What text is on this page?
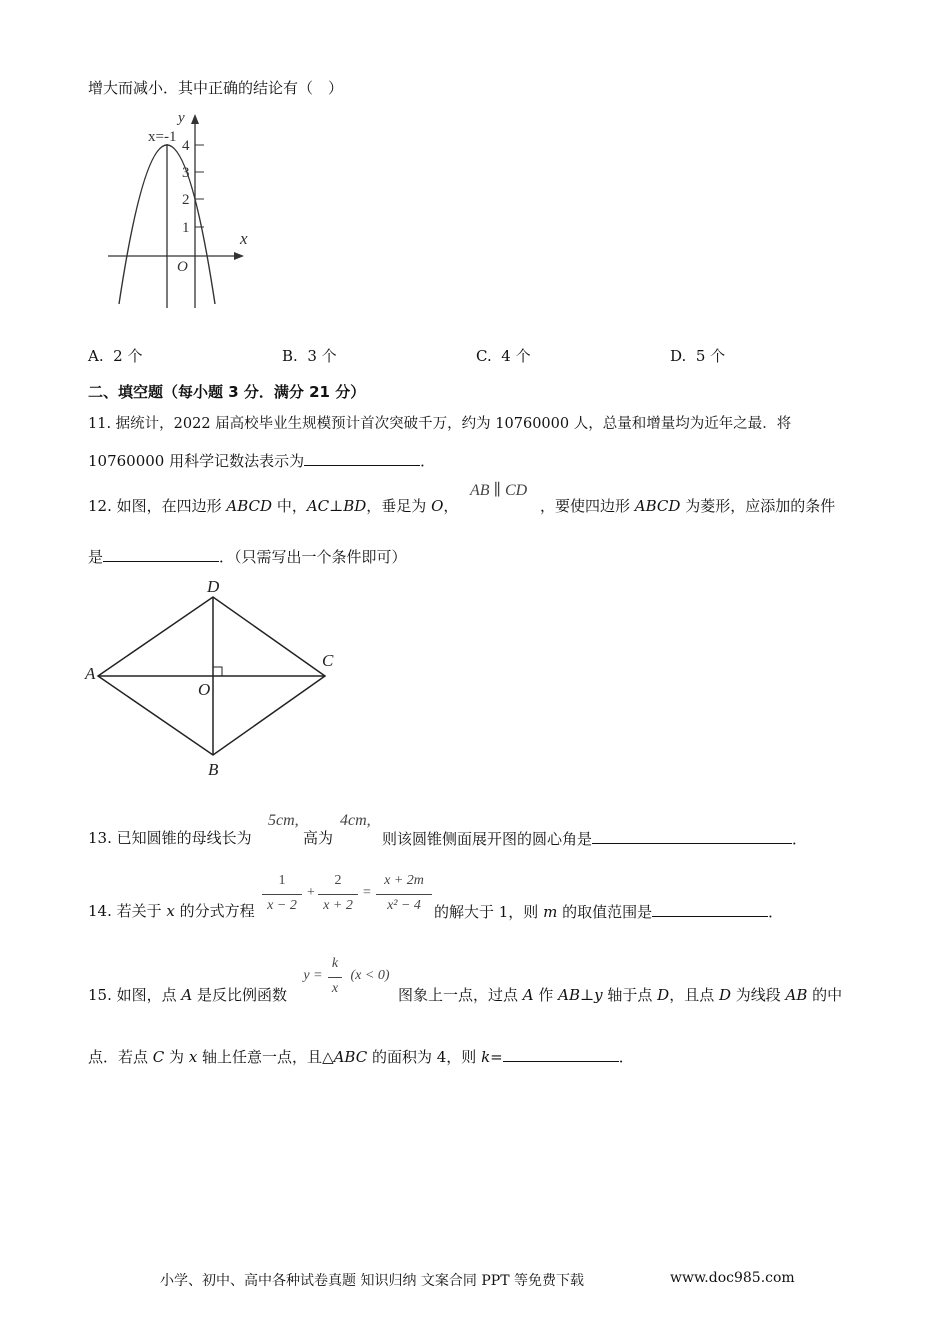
增大而减小．其中正确的结论有（　）
x=-1
y
x
O
4
3
2
1
A. 2 个	B. 3 个	C. 4 个	D. 5 个
二、填空题（每小题 3 分．满分 21 分）
11. 据统计，2022 届高校毕业生规模预计首次突破千万，约为 10760000 人，总量和增量均为近年之最．将
10760000 用科学记数法表示为	．
AB ∥ CD
12. 如图，在四边形 ABCD 中，AC⊥BD，垂足为 O，	，要使四边形 ABCD 为菱形，应添加的条件
是	．（只需写出一个条件即可）
A
D
C
B
O
5cm,	4cm,
13. 已知圆锥的母线长为	高为	则该圆锥侧面展开图的圆心角是	．
14. 若关于 x 的分式方程
1
x − 2
+
2
x + 2
=
x + 2m
x² − 4 的解大于 1，则 m 的取值范围是	．
15. 如图，点 A 是反比例函数
y =
k
x
(x < 0)
图象上一点，过点 A 作 AB⊥y 轴于点 D，且点 D 为线段 AB 的中
点．若点 C 为 x 轴上任意一点，且△ABC 的面积为 4，则 k=	．
小学、初中、高中各种试卷真题 知识归纳 文案合同 PPT 等免费下载	www.doc985.com
